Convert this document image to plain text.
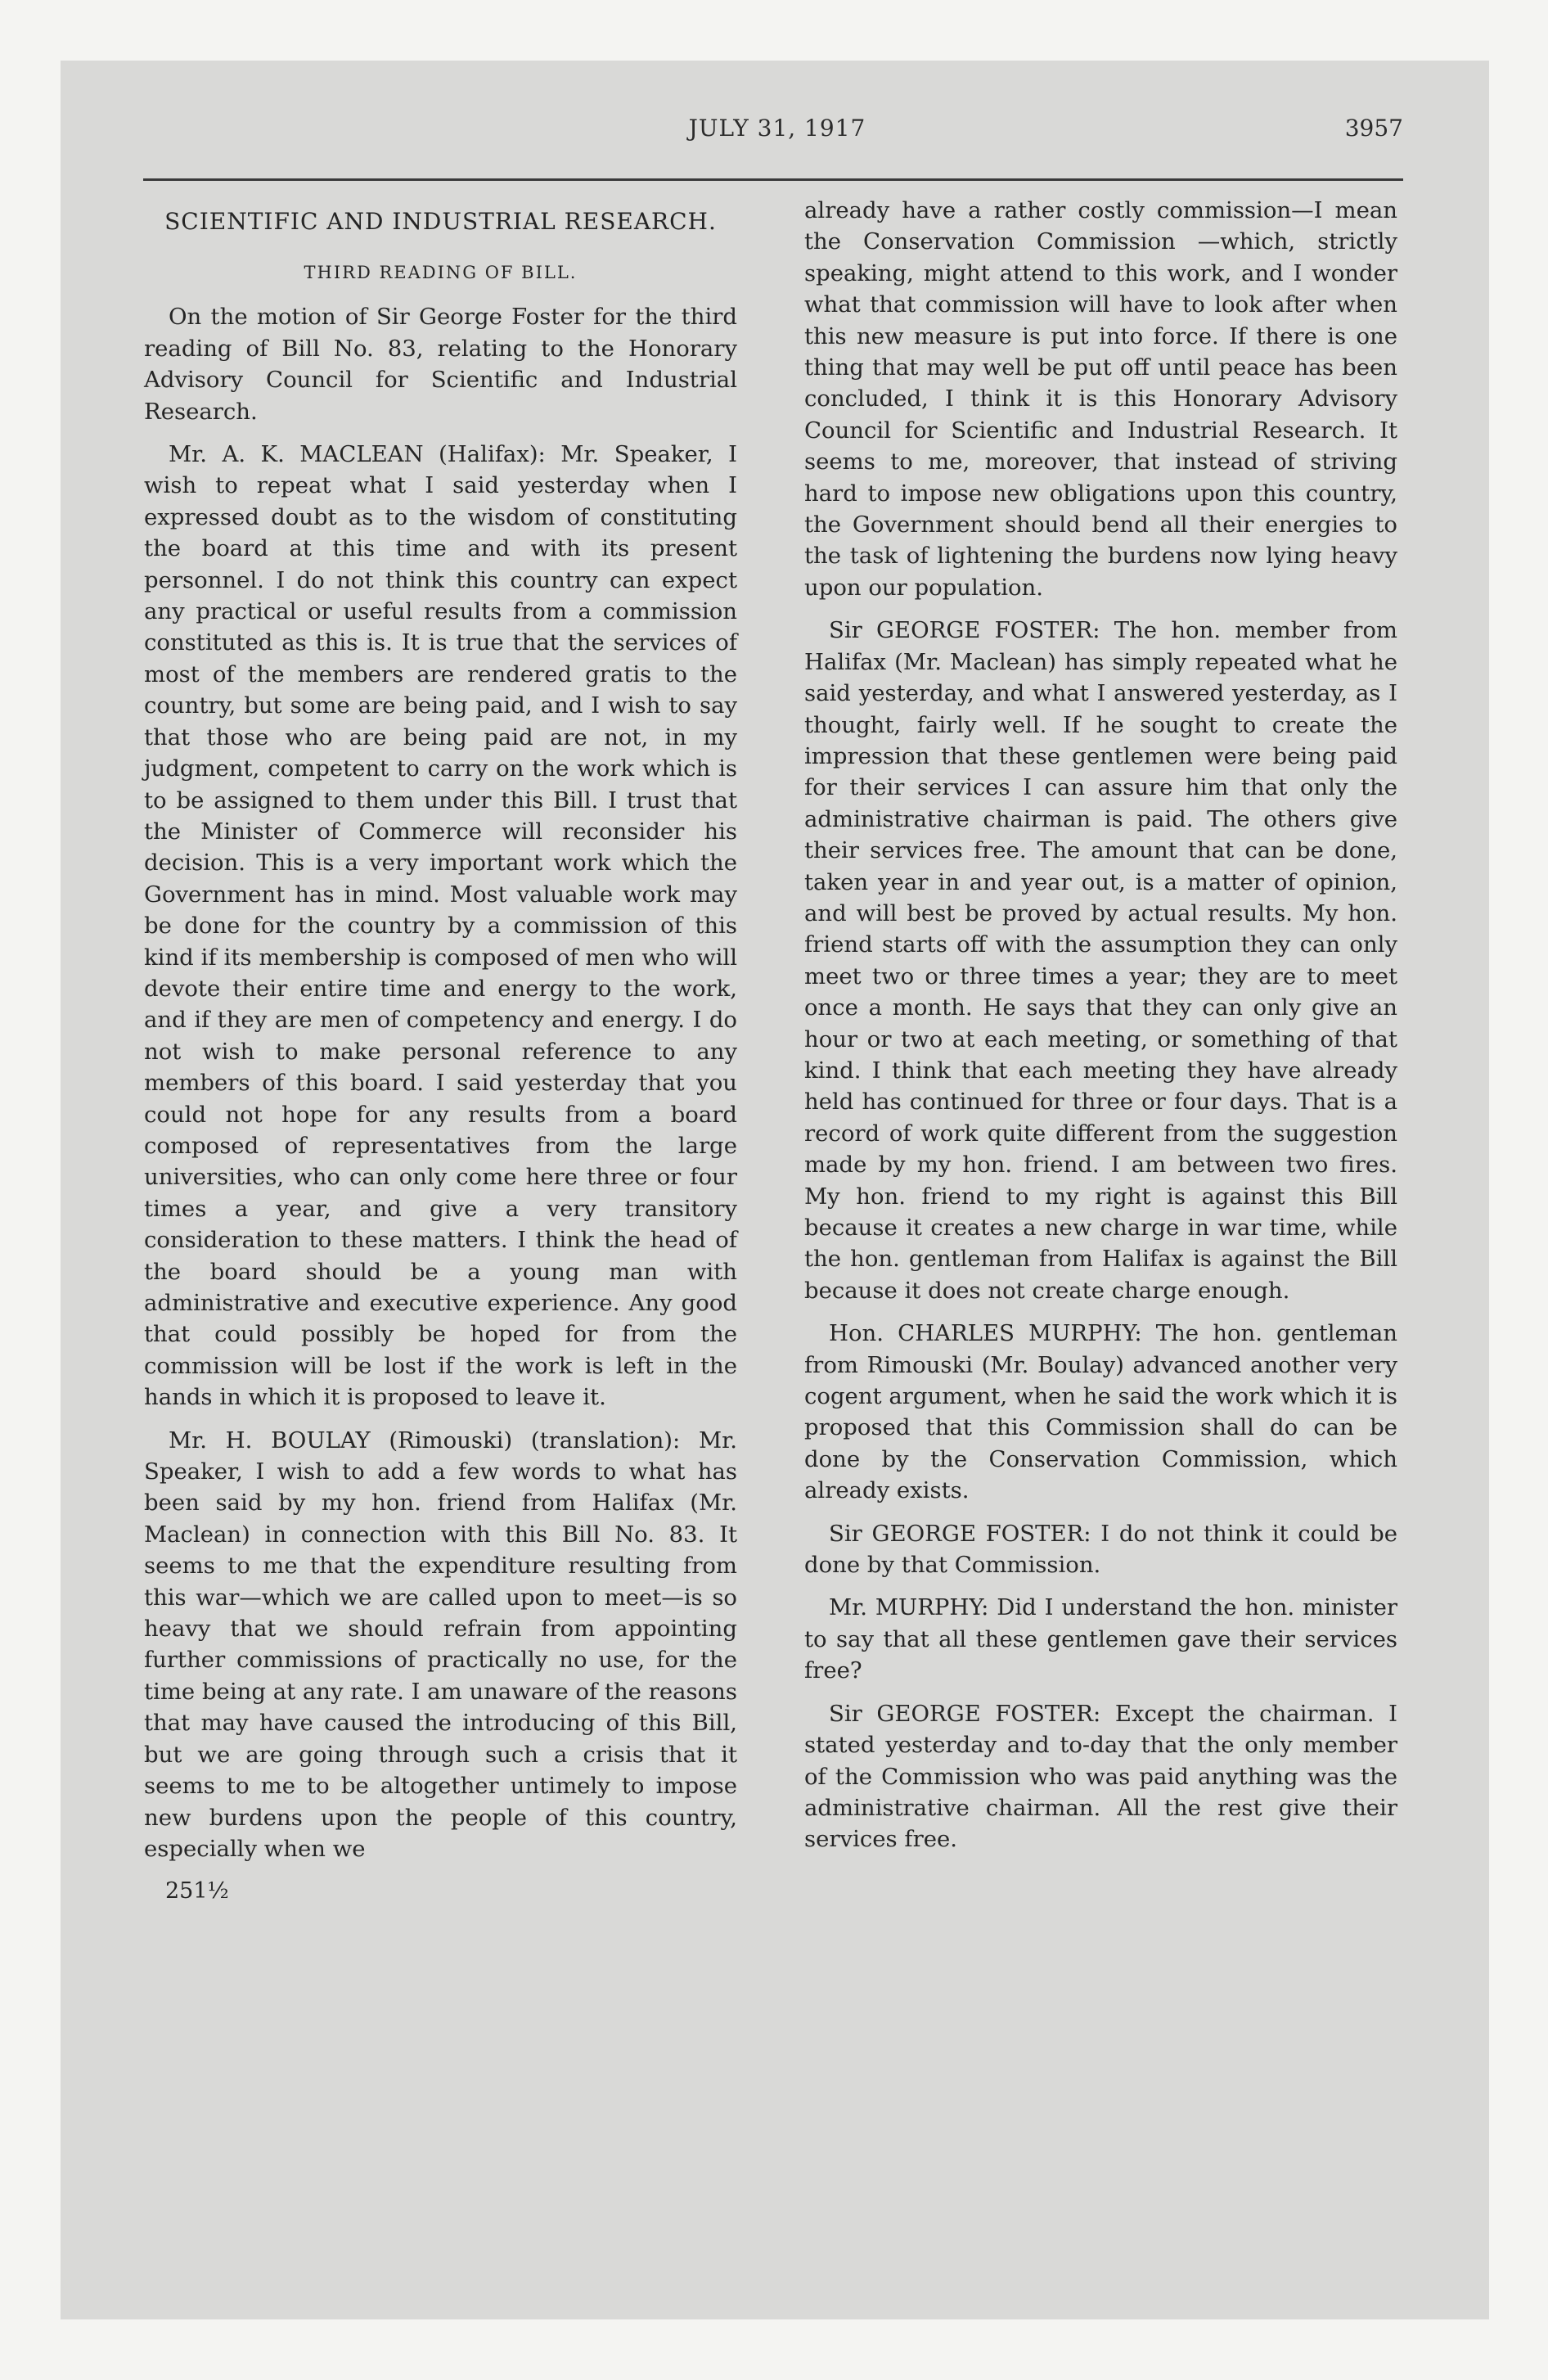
JULY 31, 1917	3957
SCIENTIFIC AND INDUSTRIAL RESEARCH.
THIRD READING OF BILL.

On the motion of Sir George Foster for the third reading of Bill No. 83, relating to the Honorary Advisory Council for Scientific and Industrial Research.

Mr. A. K. MACLEAN (Halifax): Mr. Speaker, I wish to repeat what I said yesterday when I expressed doubt as to the wisdom of constituting the board at this time and with its present personnel. I do not think this country can expect any practical or useful results from a commission constituted as this is. It is true that the services of most of the members are rendered gratis to the country, but some are being paid, and I wish to say that those who are being paid are not, in my judgment, competent to carry on the work which is to be assigned to them under this Bill. I trust that the Minister of Commerce will reconsider his decision. This is a very important work which the Government has in mind. Most valuable work may be done for the country by a commission of this kind if its membership is composed of men who will devote their entire time and energy to the work, and if they are men of competency and energy. I do not wish to make personal reference to any members of this board. I said yesterday that you could not hope for any results from a board composed of representatives from the large universities, who can only come here three or four times a year, and give a very transitory consideration to these matters. I think the head of the board should be a young man with administrative and executive experience. Any good that could possibly be hoped for from the commission will be lost if the work is left in the hands in which it is proposed to leave it.

Mr. H. BOULAY (Rimouski) (translation): Mr. Speaker, I wish to add a few words to what has been said by my hon. friend from Halifax (Mr. Maclean) in connection with this Bill No. 83. It seems to me that the expenditure resulting from this war—which we are called upon to meet—is so heavy that we should refrain from appointing further commissions of practically no use, for the time being at any rate. I am unaware of the reasons that may have caused the introducing of this Bill, but we are going through such a crisis that it seems to me to be altogether untimely to impose new burdens upon the people of this country, especially when we

251½

already have a rather costly commission—I mean the Conservation Commission —which, strictly speaking, might attend to this work, and I wonder what that commission will have to look after when this new measure is put into force. If there is one thing that may well be put off until peace has been concluded, I think it is this Honorary Advisory Council for Scientific and Industrial Research. It seems to me, moreover, that instead of striving hard to impose new obligations upon this country, the Government should bend all their energies to the task of lightening the burdens now lying heavy upon our population.

Sir GEORGE FOSTER: The hon. member from Halifax (Mr. Maclean) has simply repeated what he said yesterday, and what I answered yesterday, as I thought, fairly well. If he sought to create the impression that these gentlemen were being paid for their services I can assure him that only the administrative chairman is paid. The others give their services free. The amount that can be done, taken year in and year out, is a matter of opinion, and will best be proved by actual results. My hon. friend starts off with the assumption they can only meet two or three times a year; they are to meet once a month. He says that they can only give an hour or two at each meeting, or something of that kind. I think that each meeting they have already held has continued for three or four days. That is a record of work quite different from the suggestion made by my hon. friend. I am between two fires. My hon. friend to my right is against this Bill because it creates a new charge in war time, while the hon. gentleman from Halifax is against the Bill because it does not create charge enough.

Hon. CHARLES MURPHY: The hon. gentleman from Rimouski (Mr. Boulay) advanced another very cogent argument, when he said the work which it is proposed that this Commission shall do can be done by the Conservation Commission, which already exists.

Sir GEORGE FOSTER: I do not think it could be done by that Commission.

Mr. MURPHY: Did I understand the hon. minister to say that all these gentlemen gave their services free?

Sir GEORGE FOSTER: Except the chairman. I stated yesterday and to-day that the only member of the Commission who was paid anything was the administrative chairman. All the rest give their services free.
